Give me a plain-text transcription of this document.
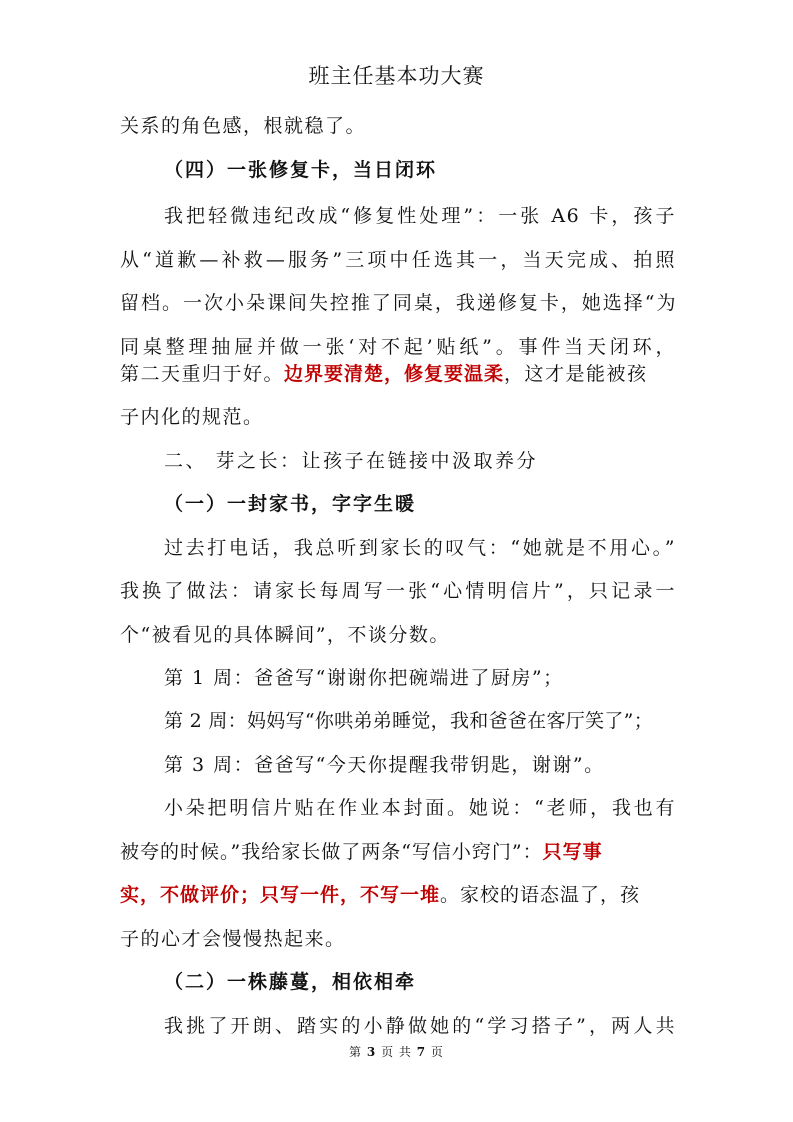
班主任基本功大赛
关系的角色感，根就稳了。
（四）一张修复卡，当日闭环
我把轻微违纪改成“修复性处理”：一张 A6 卡，孩子
从“道歉—补救—服务”三项中任选其一，当天完成、拍照
留档。一次小朵课间失控推了同桌，我递修复卡，她选择“为
同桌整理抽屉并做一张‘对不起’贴纸”。事件当天闭环，
第二天重归于好。边界要清楚，修复要温柔，这才是能被孩
子内化的规范。
二、 芽之长：让孩子在链接中汲取养分
（一）一封家书，字字生暖
过去打电话，我总听到家长的叹气：“她就是不用心。”
我换了做法：请家长每周写一张“心情明信片”，只记录一
个“被看见的具体瞬间”，不谈分数。
第 1 周：爸爸写“谢谢你把碗端进了厨房”；
第 2 周：妈妈写“你哄弟弟睡觉，我和爸爸在客厅笑了”；
第 3 周：爸爸写“今天你提醒我带钥匙，谢谢”。
小朵把明信片贴在作业本封面。她说：“老师，我也有
被夸的时候。”我给家长做了两条“写信小窍门”：只写事
实，不做评价；只写一件，不写一堆。家校的语态温了，孩
子的心才会慢慢热起来。
（二）一株藤蔓，相依相牵
我挑了开朗、踏实的小静做她的“学习搭子”，两人共
第 3 页 共 7 页
